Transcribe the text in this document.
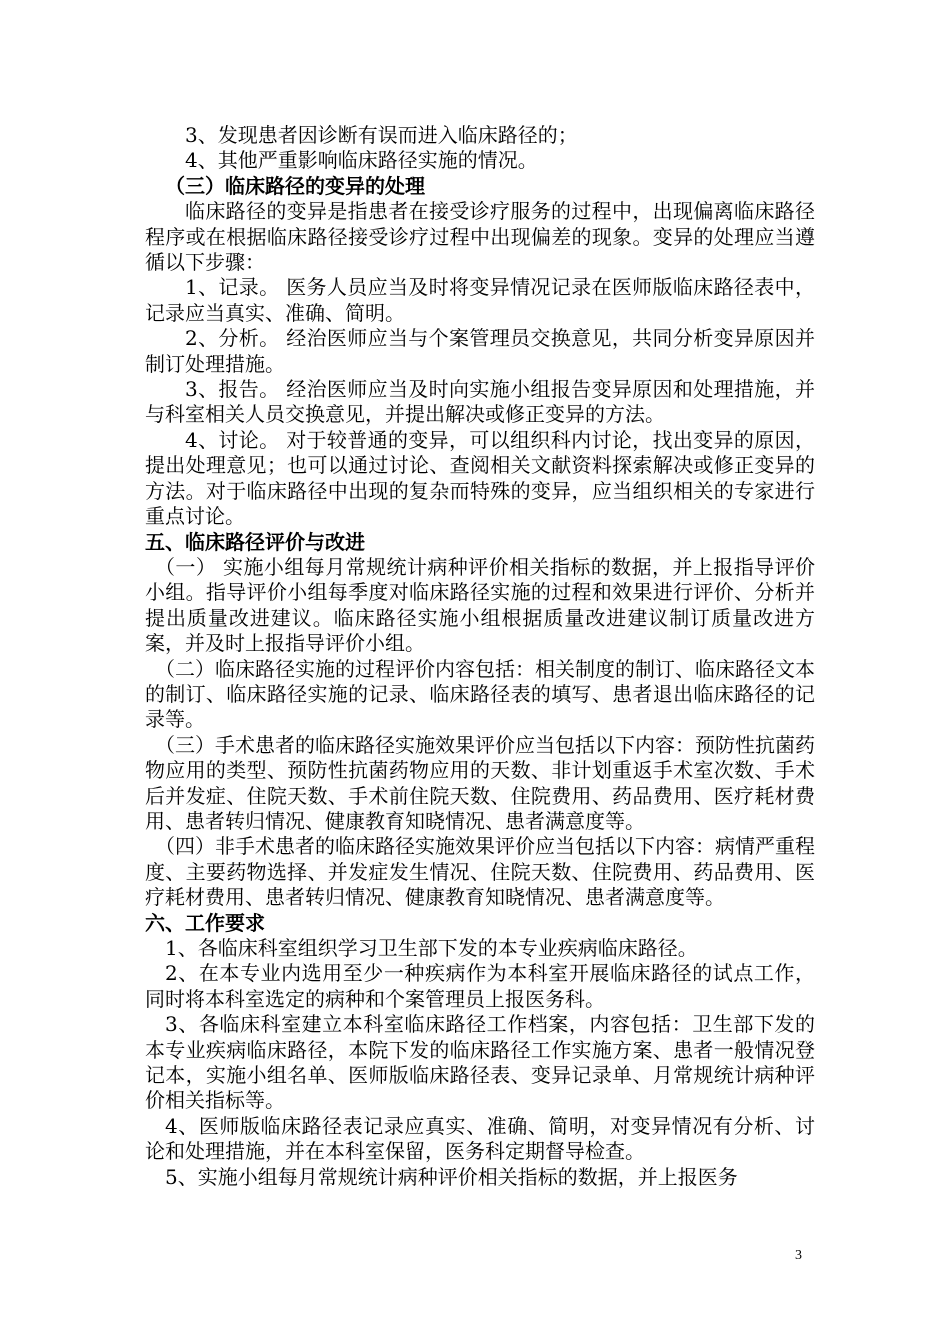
3、发现患者因诊断有误而进入临床路径的；

4、其他严重影响临床路径实施的情况。

（三）临床路径的变异的处理

临床路径的变异是指患者在接受诊疗服务的过程中，出现偏离临床路径程序或在根据临床路径接受诊疗过程中出现偏差的现象。变异的处理应当遵循以下步骤：

1、记录。 医务人员应当及时将变异情况记录在医师版临床路径表中，记录应当真实、准确、简明。

2、分析。 经治医师应当与个案管理员交换意见，共同分析变异原因并制订处理措施。

3、报告。 经治医师应当及时向实施小组报告变异原因和处理措施，并与科室相关人员交换意见，并提出解决或修正变异的方法。

4、讨论。 对于较普通的变异，可以组织科内讨论，找出变异的原因，提出处理意见；也可以通过讨论、查阅相关文献资料探索解决或修正变异的方法。对于临床路径中出现的复杂而特殊的变异，应当组织相关的专家进行重点讨论。

五、临床路径评价与改进

（一） 实施小组每月常规统计病种评价相关指标的数据，并上报指导评价小组。指导评价小组每季度对临床路径实施的过程和效果进行评价、分析并提出质量改进建议。临床路径实施小组根据质量改进建议制订质量改进方案，并及时上报指导评价小组。

（二）临床路径实施的过程评价内容包括：相关制度的制订、临床路径文本的制订、临床路径实施的记录、临床路径表的填写、患者退出临床路径的记录等。

（三）手术患者的临床路径实施效果评价应当包括以下内容：预防性抗菌药物应用的类型、预防性抗菌药物应用的天数、非计划重返手术室次数、手术后并发症、住院天数、手术前住院天数、住院费用、药品费用、医疗耗材费用、患者转归情况、健康教育知晓情况、患者满意度等。

（四）非手术患者的临床路径实施效果评价应当包括以下内容：病情严重程度、主要药物选择、并发症发生情况、住院天数、住院费用、药品费用、医疗耗材费用、患者转归情况、健康教育知晓情况、患者满意度等。

六、工作要求

1、各临床科室组织学习卫生部下发的本专业疾病临床路径。

2、在本专业内选用至少一种疾病作为本科室开展临床路径的试点工作，同时将本科室选定的病种和个案管理员上报医务科。

3、各临床科室建立本科室临床路径工作档案，内容包括：卫生部下发的本专业疾病临床路径，本院下发的临床路径工作实施方案、患者一般情况登记本，实施小组名单、医师版临床路径表、变异记录单、月常规统计病种评价相关指标等。

4、医师版临床路径表记录应真实、准确、简明，对变异情况有分析、讨论和处理措施，并在本科室保留，医务科定期督导检查。

5、实施小组每月常规统计病种评价相关指标的数据，并上报医务

3
